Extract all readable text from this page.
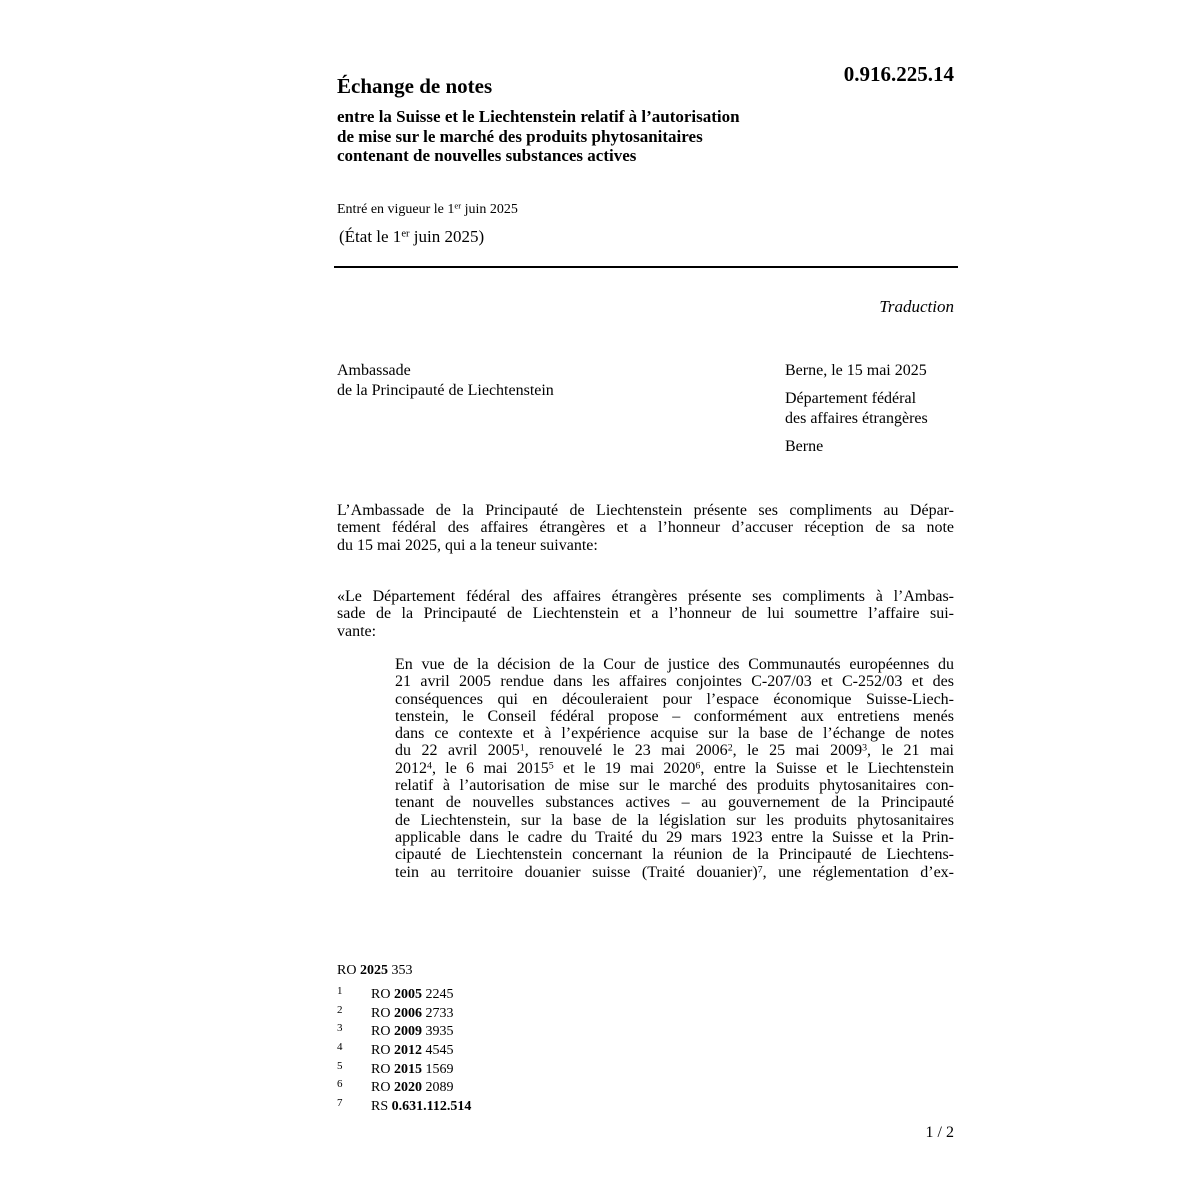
0.916.225.14
Échange de notes
entre la Suisse et le Liechtenstein relatif à l’autorisation
de mise sur le marché des produits phytosanitaires
contenant de nouvelles substances actives
Entré en vigueur le 1er juin 2025
(État le 1er juin 2025)
Traduction
Ambassade
de la Principauté de Liechtenstein
Berne, le 15 mai 2025
Département fédéral
des affaires étrangères
Berne
L’Ambassade de la Principauté de Liechtenstein présente ses compliments au Dépar-
tement fédéral des affaires étrangères et a l’honneur d’accuser réception de sa note
du 15 mai 2025, qui a la teneur suivante:
«Le Département fédéral des affaires étrangères présente ses compliments à l’Ambas-
sade de la Principauté de Liechtenstein et a l’honneur de lui soumettre l’affaire sui-
vante:
En vue de la décision de la Cour de justice des Communautés européennes du
21 avril 2005 rendue dans les affaires conjointes C-207/03 et C-252/03 et des
conséquences qui en découleraient pour l’espace économique Suisse-Liech-
tenstein, le Conseil fédéral propose – conformément aux entretiens menés
dans ce contexte et à l’expérience acquise sur la base de l’échange de notes
du 22 avril 2005$^1$, renouvelé le 23 mai 2006$^2$, le 25 mai 2009$^3$, le 21 mai
2012$^4$, le 6 mai 2015$^5$ et le 19 mai 2020$^6$, entre la Suisse et le Liechtenstein
relatif à l’autorisation de mise sur le marché des produits phytosanitaires con-
tenant de nouvelles substances actives – au gouvernement de la Principauté
de Liechtenstein, sur la base de la législation sur les produits phytosanitaires
applicable dans le cadre du Traité du 29 mars 1923 entre la Suisse et la Prin-
cipauté de Liechtenstein concernant la réunion de la Principauté de Liechtens-
tein au territoire douanier suisse (Traité douanier)$^7$, une réglementation d’ex-
RO 2025 353
1 RO 2005 2245
2 RO 2006 2733
3 RO 2009 3935
4 RO 2012 4545
5 RO 2015 1569
6 RO 2020 2089
7 RS 0.631.112.514
1 / 2
